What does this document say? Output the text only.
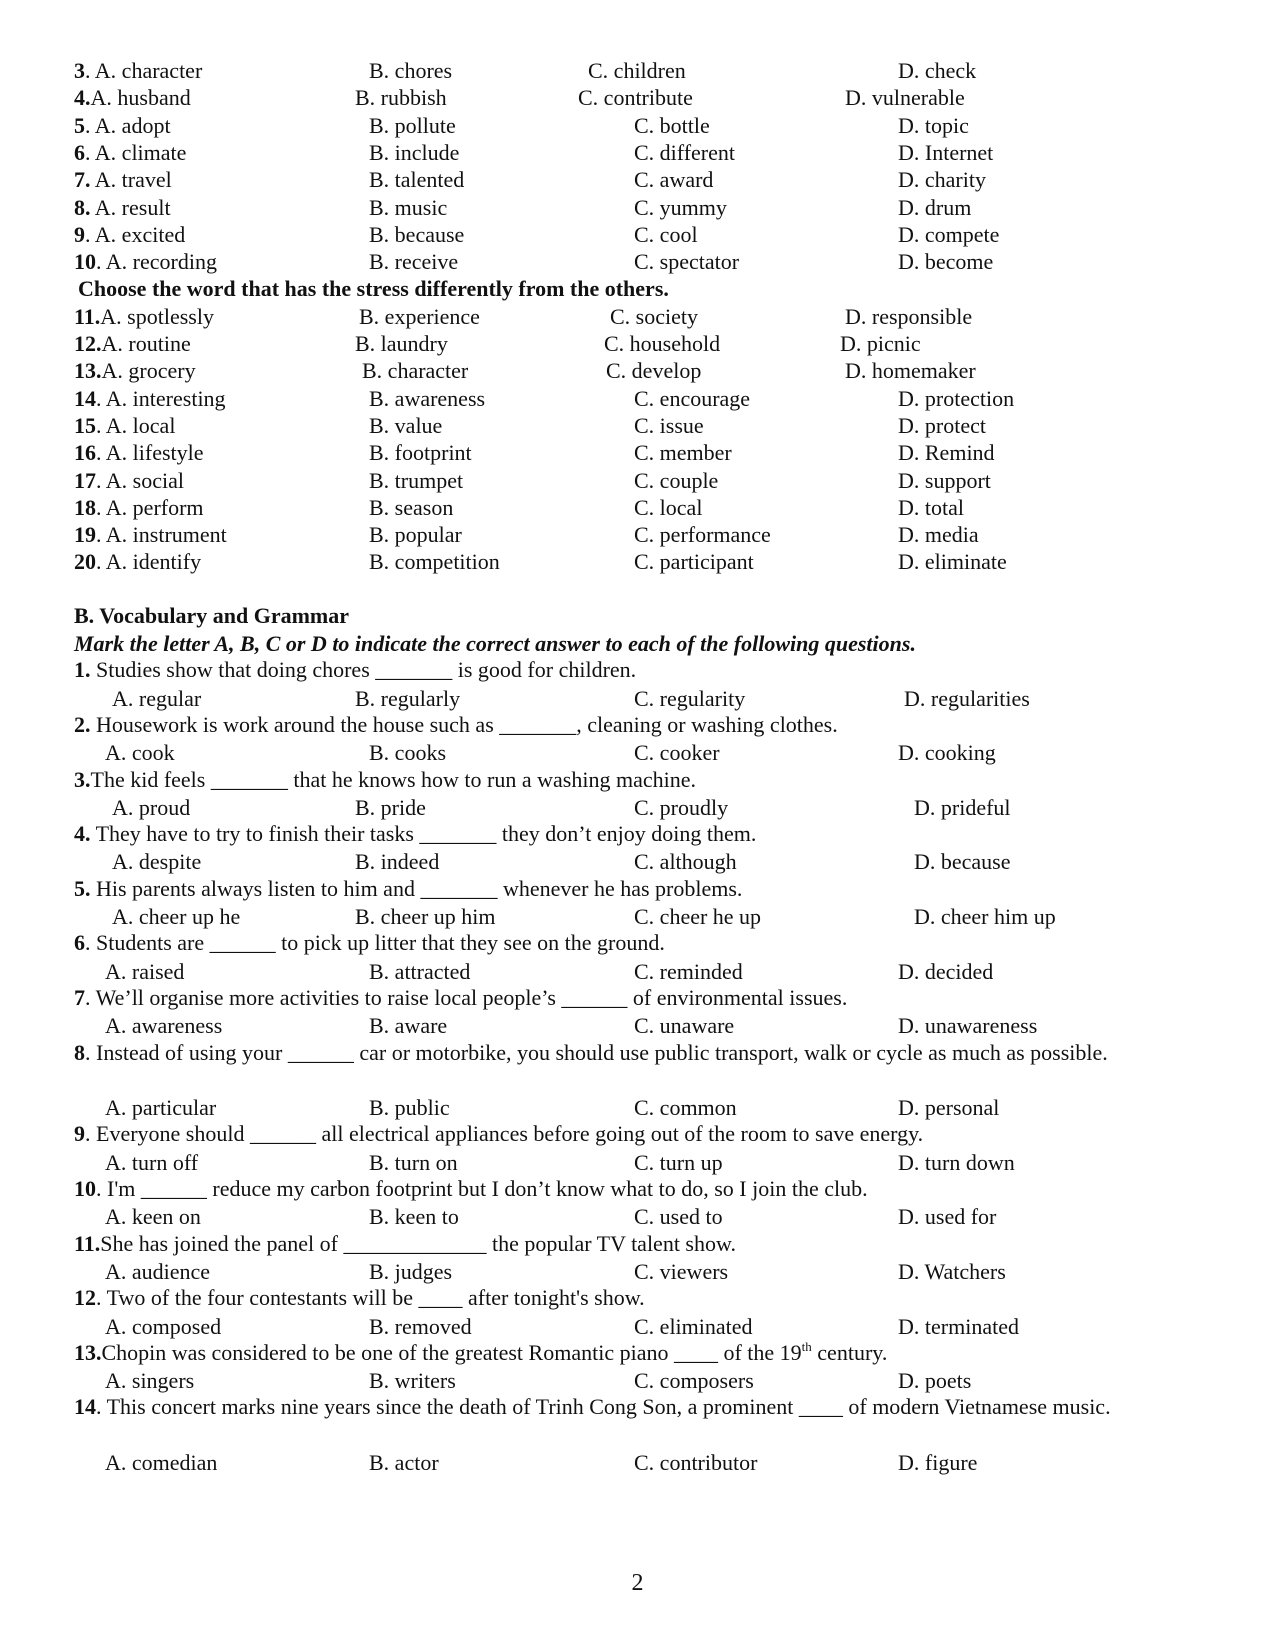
3. A. character	B. chores	C. children	D. check
4.A. husband	B. rubbish	C. contribute	D. vulnerable
5. A. adopt	B. pollute	C. bottle	D. topic
6. A. climate	B. include	C. different	D. Internet
7. A. travel	B. talented	C. award	D. charity
8. A. result	B. music	C. yummy	D. drum
9. A. excited	B. because	C. cool	D. compete
10. A. recording	B. receive	C. spectator	D. become
Choose the word that has the stress differently from the others.
11.A. spotlessly	B. experience	C. society	D. responsible
12.A. routine	B. laundry	C. household	D. picnic
13.A. grocery	B. character	C. develop	D. homemaker
14. A. interesting	B. awareness	C. encourage	D. protection
15. A. local	B. value	C. issue	D. protect
16. A. lifestyle	B. footprint	C. member	D. Remind
17. A. social	B. trumpet	C. couple	D. support
18. A. perform	B. season	C. local	D. total
19. A. instrument	B. popular	C. performance	D. media
20. A. identify	B. competition	C. participant	D. eliminate
B. Vocabulary and Grammar
Mark the letter A, B, C or D to indicate the correct answer to each of the following questions.
1. Studies show that doing chores _______ is good for children.
A. regular	B. regularly	C. regularity	D. regularities
2. Housework is work around the house such as _______, cleaning or washing clothes.
A. cook	B. cooks	C. cooker	D. cooking
3.The kid feels _______ that he knows how to run a washing machine.
A. proud	B. pride	C. proudly	D. prideful
4. They have to try to finish their tasks _______ they don’t enjoy doing them.
A. despite	B. indeed	C. although	D. because
5. His parents always listen to him and _______ whenever he has problems.
A. cheer up he	B. cheer up him	C. cheer he up	D. cheer him up
6. Students are ______ to pick up litter that they see on the ground.
A. raised	B. attracted	C. reminded	D. decided
7. We’ll organise more activities to raise local people’s ______ of environmental issues.
A. awareness	B. aware	C. unaware	D. unawareness
8. Instead of using your ______ car or motorbike, you should use public transport, walk or cycle as much as possible.
A. particular	B. public	C. common	D. personal
9. Everyone should ______ all electrical appliances before going out of the room to save energy.
A. turn off	B. turn on	C. turn up	D. turn down
10. I'm ______ reduce my carbon footprint but I don’t know what to do, so I join the club.
A. keen on	B. keen to	C. used to	D. used for
11.She has joined the panel of _____________ the popular TV talent show.
A. audience	B. judges	C. viewers	D. Watchers
12. Two of the four contestants will be ____ after tonight's show.
A. composed	B. removed	C. eliminated	D. terminated
13.Chopin was considered to be one of the greatest Romantic piano ____ of the 19th century.
A. singers	B. writers	C. composers	D. poets
14. This concert marks nine years since the death of Trinh Cong Son, a prominent ____ of modern Vietnamese music.
A. comedian	B. actor	C. contributor	D. figure
2
